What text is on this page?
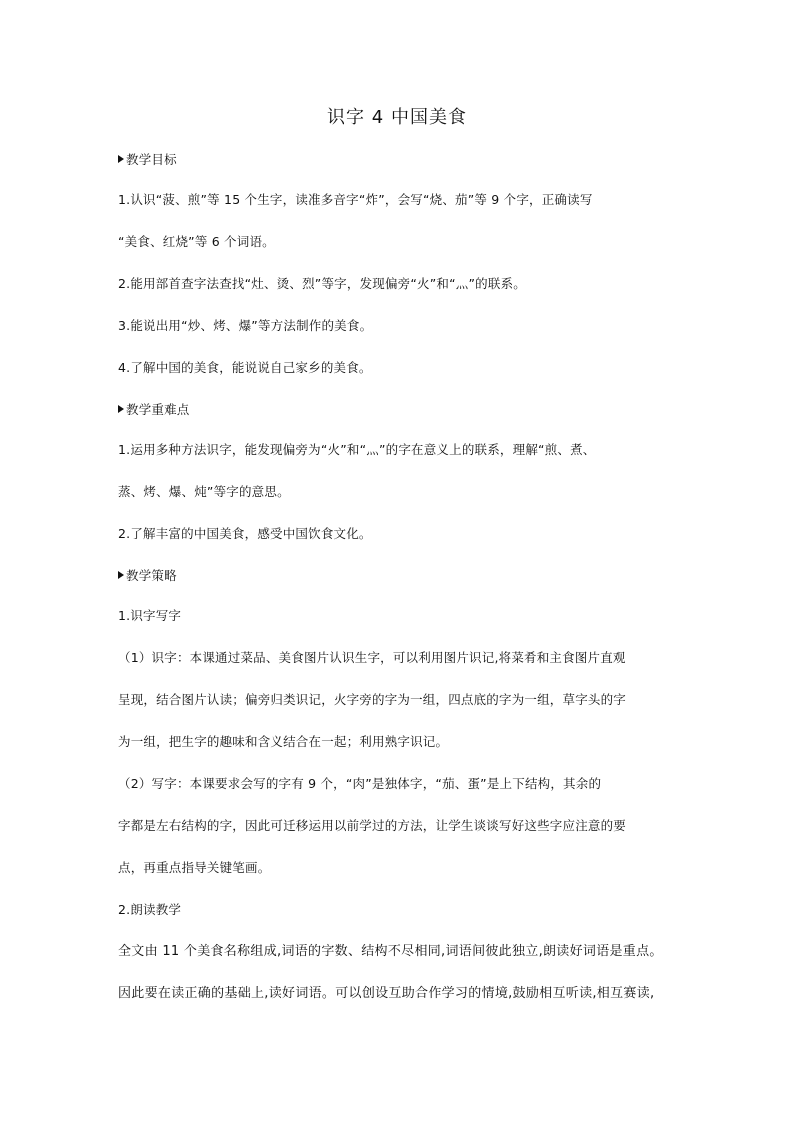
识字 4 中国美食
教学目标
1.认识“菠、煎”等 15 个生字，读准多音字“炸”，会写“烧、茄”等 9 个字，正确读写
“美食、红烧”等 6 个词语。
2.能用部首查字法查找“灶、烫、烈”等字，发现偏旁“火”和“灬”的联系。
3.能说出用“炒、烤、爆”等方法制作的美食。
4.了解中国的美食，能说说自己家乡的美食。
教学重难点
1.运用多种方法识字，能发现偏旁为“火”和“灬”的字在意义上的联系，理解“煎、煮、
蒸、烤、爆、炖”等字的意思。
2.了解丰富的中国美食，感受中国饮食文化。
教学策略
1.识字写字
（1）识字：本课通过菜品、美食图片认识生字，可以利用图片识记,将菜肴和主食图片直观
呈现，结合图片认读；偏旁归类识记，火字旁的字为一组，四点底的字为一组，草字头的字
为一组，把生字的趣味和含义结合在一起；利用熟字识记。
（2）写字：本课要求会写的字有 9 个，“肉”是独体字，“茄、蛋”是上下结构，其余的
字都是左右结构的字，因此可迁移运用以前学过的方法，让学生谈谈写好这些字应注意的要
点，再重点指导关键笔画。
2.朗读教学
全文由 11 个美食名称组成,词语的字数、结构不尽相同,词语间彼此独立,朗读好词语是重点。
因此要在读正确的基础上,读好词语。可以创设互助合作学习的情境,鼓励相互听读,相互赛读,
